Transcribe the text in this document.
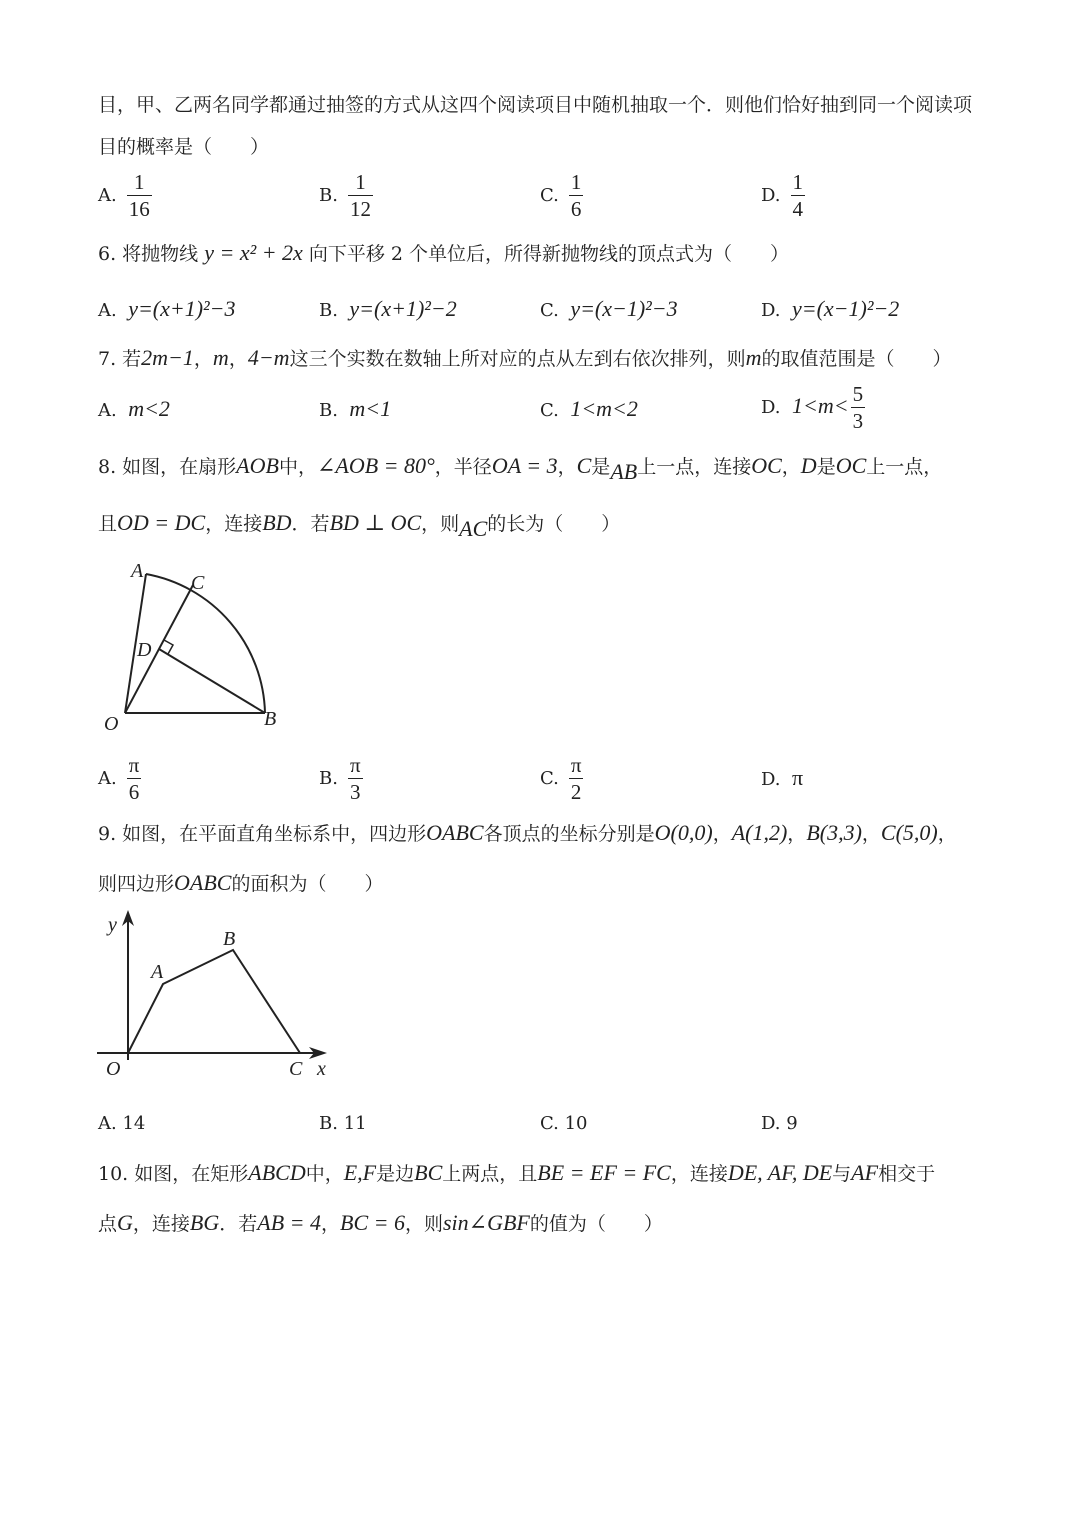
目，甲、乙两名同学都通过抽签的方式从这四个阅读项目中随机抽取一个．则他们恰好抽到同一个阅读项
目的概率是（　　）
A. $\frac{1}{16}$	B. $\frac{1}{12}$	C. $\frac{1}{6}$	D. $\frac{1}{4}$
6. 将抛物线 y = x² + 2x 向下平移 2 个单位后，所得新抛物线的顶点式为（　　）
A. y=(x+1)²−3	B. y=(x+1)²−2	C. y=(x−1)²−3	D. y=(x−1)²−2
7. 若2m−1，m，4−m这三个实数在数轴上所对应的点从左到右依次排列，则m的取值范围是（　　）
A. m<2	B. m<1	C. 1<m<2	D. $1<m< \frac{5}{3}$
8. 如图，在扇形AOB中，∠AOB = 80°，半径OA = 3，C是AB上一点，连接OC，D是OC上一点，
且OD = DC，连接BD．若BD ⊥ OC，则AC的长为（　　）
A
C
D
O	B
A. $\frac{\pi}{6}$	B. $\frac{\pi}{3}$	C. $\frac{\pi}{2}$	D. π
9. 如图，在平面直角坐标系中，四边形OABC各顶点的坐标分别是O(0,0)，A(1,2)，B(3,3)，C(5,0)，
则四边形OABC的面积为（　　）
y
B
A
O	C x
A. 14	B. 11	C. 10	D. 9
10. 如图，在矩形ABCD中，E,F是边BC上两点，且BE = EF = FC，连接DE, AF, DE与AF相交于
点G，连接BG．若AB = 4，BC = 6，则sin∠GBF的值为（　　）
